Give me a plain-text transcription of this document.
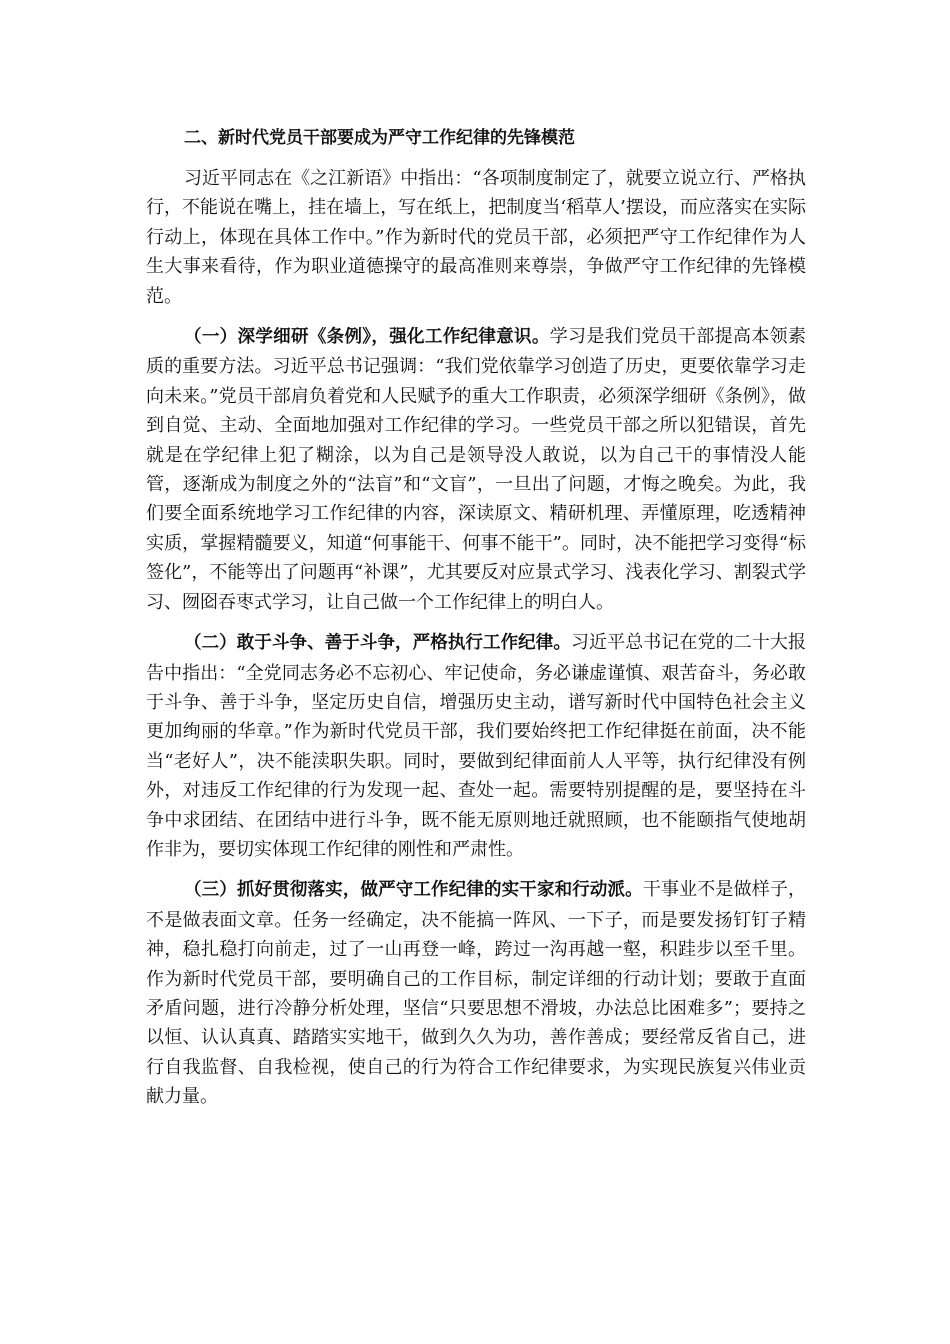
二、新时代党员干部要成为严守工作纪律的先锋模范

习近平同志在《之江新语》中指出：“各项制度制定了，就要立说立行、严格执行，不能说在嘴上，挂在墙上，写在纸上，把制度当‘稻草人’摆设，而应落实在实际行动上，体现在具体工作中。”作为新时代的党员干部，必须把严守工作纪律作为人生大事来看待，作为职业道德操守的最高准则来尊崇，争做严守工作纪律的先锋模范。

（一）深学细研《条例》，强化工作纪律意识。学习是我们党员干部提高本领素质的重要方法。习近平总书记强调：“我们党依靠学习创造了历史，更要依靠学习走向未来。”党员干部肩负着党和人民赋予的重大工作职责，必须深学细研《条例》，做到自觉、主动、全面地加强对工作纪律的学习。一些党员干部之所以犯错误，首先就是在学纪律上犯了糊涂，以为自己是领导没人敢说，以为自己干的事情没人能管，逐渐成为制度之外的“法盲”和“文盲”，一旦出了问题，才悔之晚矣。为此，我们要全面系统地学习工作纪律的内容，深读原文、精研机理、弄懂原理，吃透精神实质，掌握精髓要义，知道“何事能干、何事不能干”。同时，决不能把学习变得“标签化”，不能等出了问题再“补课”，尤其要反对应景式学习、浅表化学习、割裂式学习、囫囵吞枣式学习，让自己做一个工作纪律上的明白人。

（二）敢于斗争、善于斗争，严格执行工作纪律。习近平总书记在党的二十大报告中指出：“全党同志务必不忘初心、牢记使命，务必谦虚谨慎、艰苦奋斗，务必敢于斗争、善于斗争，坚定历史自信，增强历史主动，谱写新时代中国特色社会主义更加绚丽的华章。”作为新时代党员干部，我们要始终把工作纪律挺在前面，决不能当“老好人”，决不能渎职失职。同时，要做到纪律面前人人平等，执行纪律没有例外，对违反工作纪律的行为发现一起、查处一起。需要特别提醒的是，要坚持在斗争中求团结、在团结中进行斗争，既不能无原则地迁就照顾，也不能颐指气使地胡作非为，要切实体现工作纪律的刚性和严肃性。

（三）抓好贯彻落实，做严守工作纪律的实干家和行动派。干事业不是做样子，不是做表面文章。任务一经确定，决不能搞一阵风、一下子，而是要发扬钉钉子精神，稳扎稳打向前走，过了一山再登一峰，跨过一沟再越一壑，积跬步以至千里。作为新时代党员干部，要明确自己的工作目标，制定详细的行动计划；要敢于直面矛盾问题，进行冷静分析处理，坚信“只要思想不滑坡，办法总比困难多”；要持之以恒、认认真真、踏踏实实地干，做到久久为功，善作善成；要经常反省自己，进行自我监督、自我检视，使自己的行为符合工作纪律要求，为实现民族复兴伟业贡献力量。
